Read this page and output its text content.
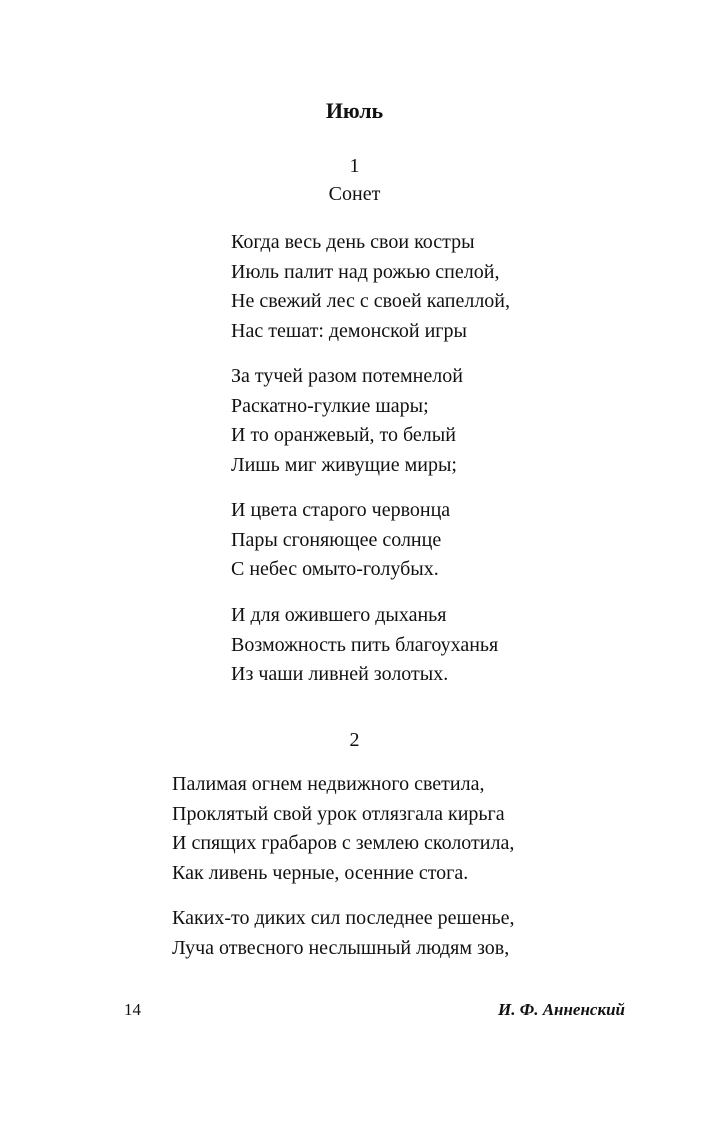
Июль
1
Сонет
Когда весь день свои костры
Июль палит над рожью спелой,
Не свежий лес с своей капеллой,
Нас тешат: демонской игры
За тучей разом потемнелой
Раскатно-гулкие шары;
И то оранжевый, то белый
Лишь миг живущие миры;
И цвета старого червонца
Пары сгоняющее солнце
С небес омыто-голубых.
И для ожившего дыханья
Возможность пить благоуханья
Из чаши ливней золотых.
2
Палимая огнем недвижного светила,
Проклятый свой урок отлязгала кирьга
И спящих грабаров с землею сколотила,
Как ливень черные, осенние стога.
Каких-то диких сил последнее решенье,
Луча отвесного неслышный людям зов,
14	И. Ф. Анненский
